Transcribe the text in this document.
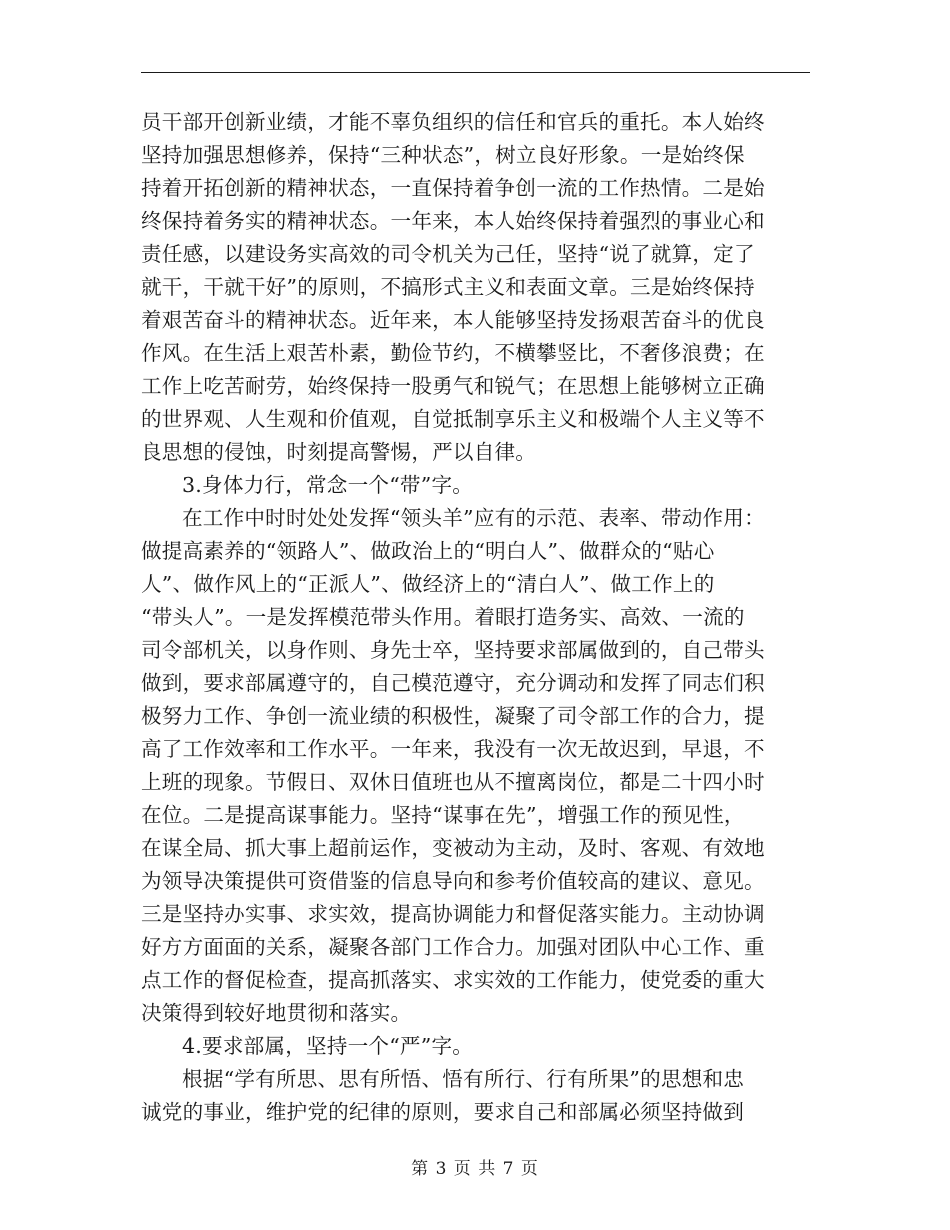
员干部开创新业绩，才能不辜负组织的信任和官兵的重托。本人始终
坚持加强思想修养，保持“三种状态”，树立良好形象。一是始终保
持着开拓创新的精神状态，一直保持着争创一流的工作热情。二是始
终保持着务实的精神状态。一年来，本人始终保持着强烈的事业心和
责任感，以建设务实高效的司令机关为己任，坚持“说了就算，定了
就干，干就干好”的原则，不搞形式主义和表面文章。三是始终保持
着艰苦奋斗的精神状态。近年来，本人能够坚持发扬艰苦奋斗的优良
作风。在生活上艰苦朴素，勤俭节约，不横攀竖比，不奢侈浪费；在
工作上吃苦耐劳，始终保持一股勇气和锐气；在思想上能够树立正确
的世界观、人生观和价值观，自觉抵制享乐主义和极端个人主义等不
良思想的侵蚀，时刻提高警惕，严以自律。
3.身体力行，常念一个“带”字。
在工作中时时处处发挥“领头羊”应有的示范、表率、带动作用：
做提高素养的“领路人”、做政治上的“明白人”、做群众的“贴心
人”、做作风上的“正派人”、做经济上的“清白人”、做工作上的
“带头人”。一是发挥模范带头作用。着眼打造务实、高效、一流的
司令部机关，以身作则、身先士卒，坚持要求部属做到的，自己带头
做到，要求部属遵守的，自己模范遵守，充分调动和发挥了同志们积
极努力工作、争创一流业绩的积极性，凝聚了司令部工作的合力，提
高了工作效率和工作水平。一年来，我没有一次无故迟到，早退，不
上班的现象。节假日、双休日值班也从不擅离岗位，都是二十四小时
在位。二是提高谋事能力。坚持“谋事在先”，增强工作的预见性，
在谋全局、抓大事上超前运作，变被动为主动，及时、客观、有效地
为领导决策提供可资借鉴的信息导向和参考价值较高的建议、意见。
三是坚持办实事、求实效，提高协调能力和督促落实能力。主动协调
好方方面面的关系，凝聚各部门工作合力。加强对团队中心工作、重
点工作的督促检查，提高抓落实、求实效的工作能力，使党委的重大
决策得到较好地贯彻和落实。
4.要求部属，坚持一个“严”字。
根据“学有所思、思有所悟、悟有所行、行有所果”的思想和忠
诚党的事业，维护党的纪律的原则，要求自己和部属必须坚持做到
第 3 页 共 7 页
